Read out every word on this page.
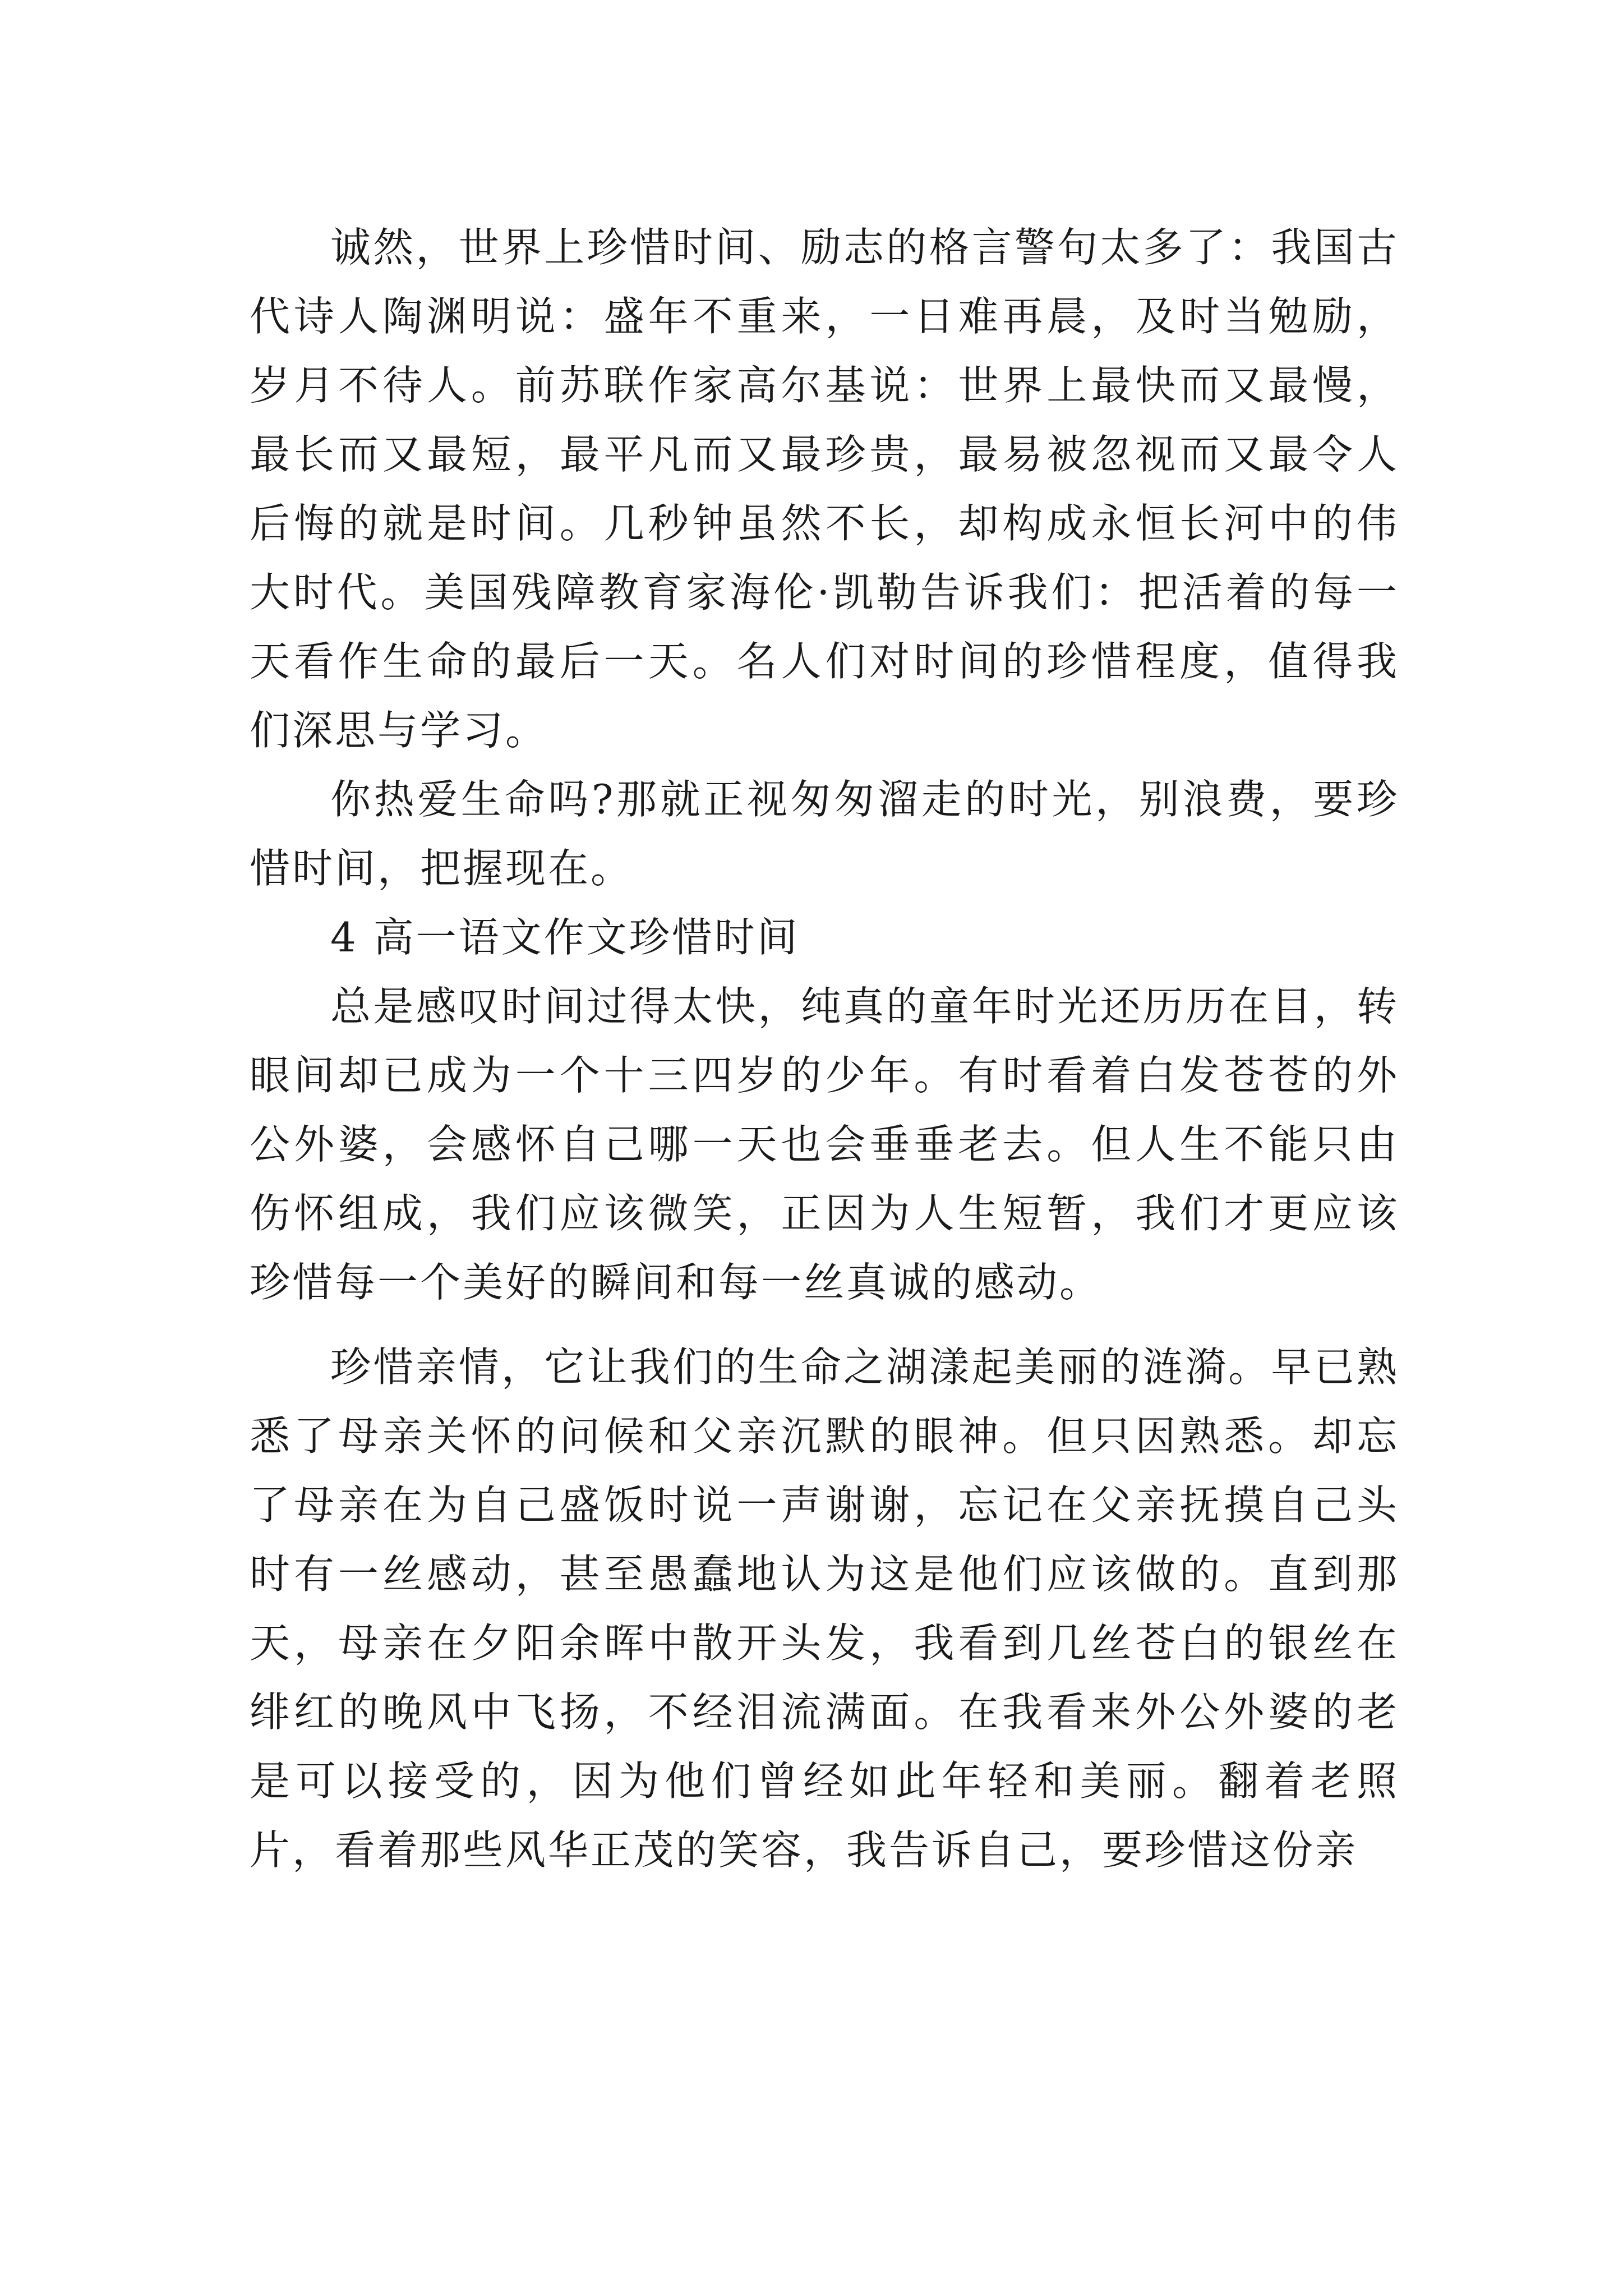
诚然，世界上珍惜时间、励志的格言警句太多了：我国古代诗人陶渊明说：盛年不重来，一日难再晨，及时当勉励，岁月不待人。前苏联作家高尔基说：世界上最快而又最慢，最长而又最短，最平凡而又最珍贵，最易被忽视而又最令人后悔的就是时间。几秒钟虽然不长，却构成永恒长河中的伟大时代。美国残障教育家海伦·凯勒告诉我们：把活着的每一天看作生命的最后一天。名人们对时间的珍惜程度，值得我们深思与学习。

你热爱生命吗?那就正视匆匆溜走的时光，别浪费，要珍惜时间，把握现在。

4 高一语文作文珍惜时间

总是感叹时间过得太快，纯真的童年时光还历历在目，转眼间却已成为一个十三四岁的少年。有时看着白发苍苍的外公外婆，会感怀自己哪一天也会垂垂老去。但人生不能只由伤怀组成，我们应该微笑，正因为人生短暂，我们才更应该珍惜每一个美好的瞬间和每一丝真诚的感动。

珍惜亲情，它让我们的生命之湖漾起美丽的涟漪。早已熟悉了母亲关怀的问候和父亲沉默的眼神。但只因熟悉。却忘了母亲在为自己盛饭时说一声谢谢，忘记在父亲抚摸自己头时有一丝感动，甚至愚蠢地认为这是他们应该做的。直到那天，母亲在夕阳余晖中散开头发，我看到几丝苍白的银丝在绯红的晚风中飞扬，不经泪流满面。在我看来外公外婆的老是可以接受的，因为他们曾经如此年轻和美丽。翻着老照片，看着那些风华正茂的笑容，我告诉自己，要珍惜这份亲
